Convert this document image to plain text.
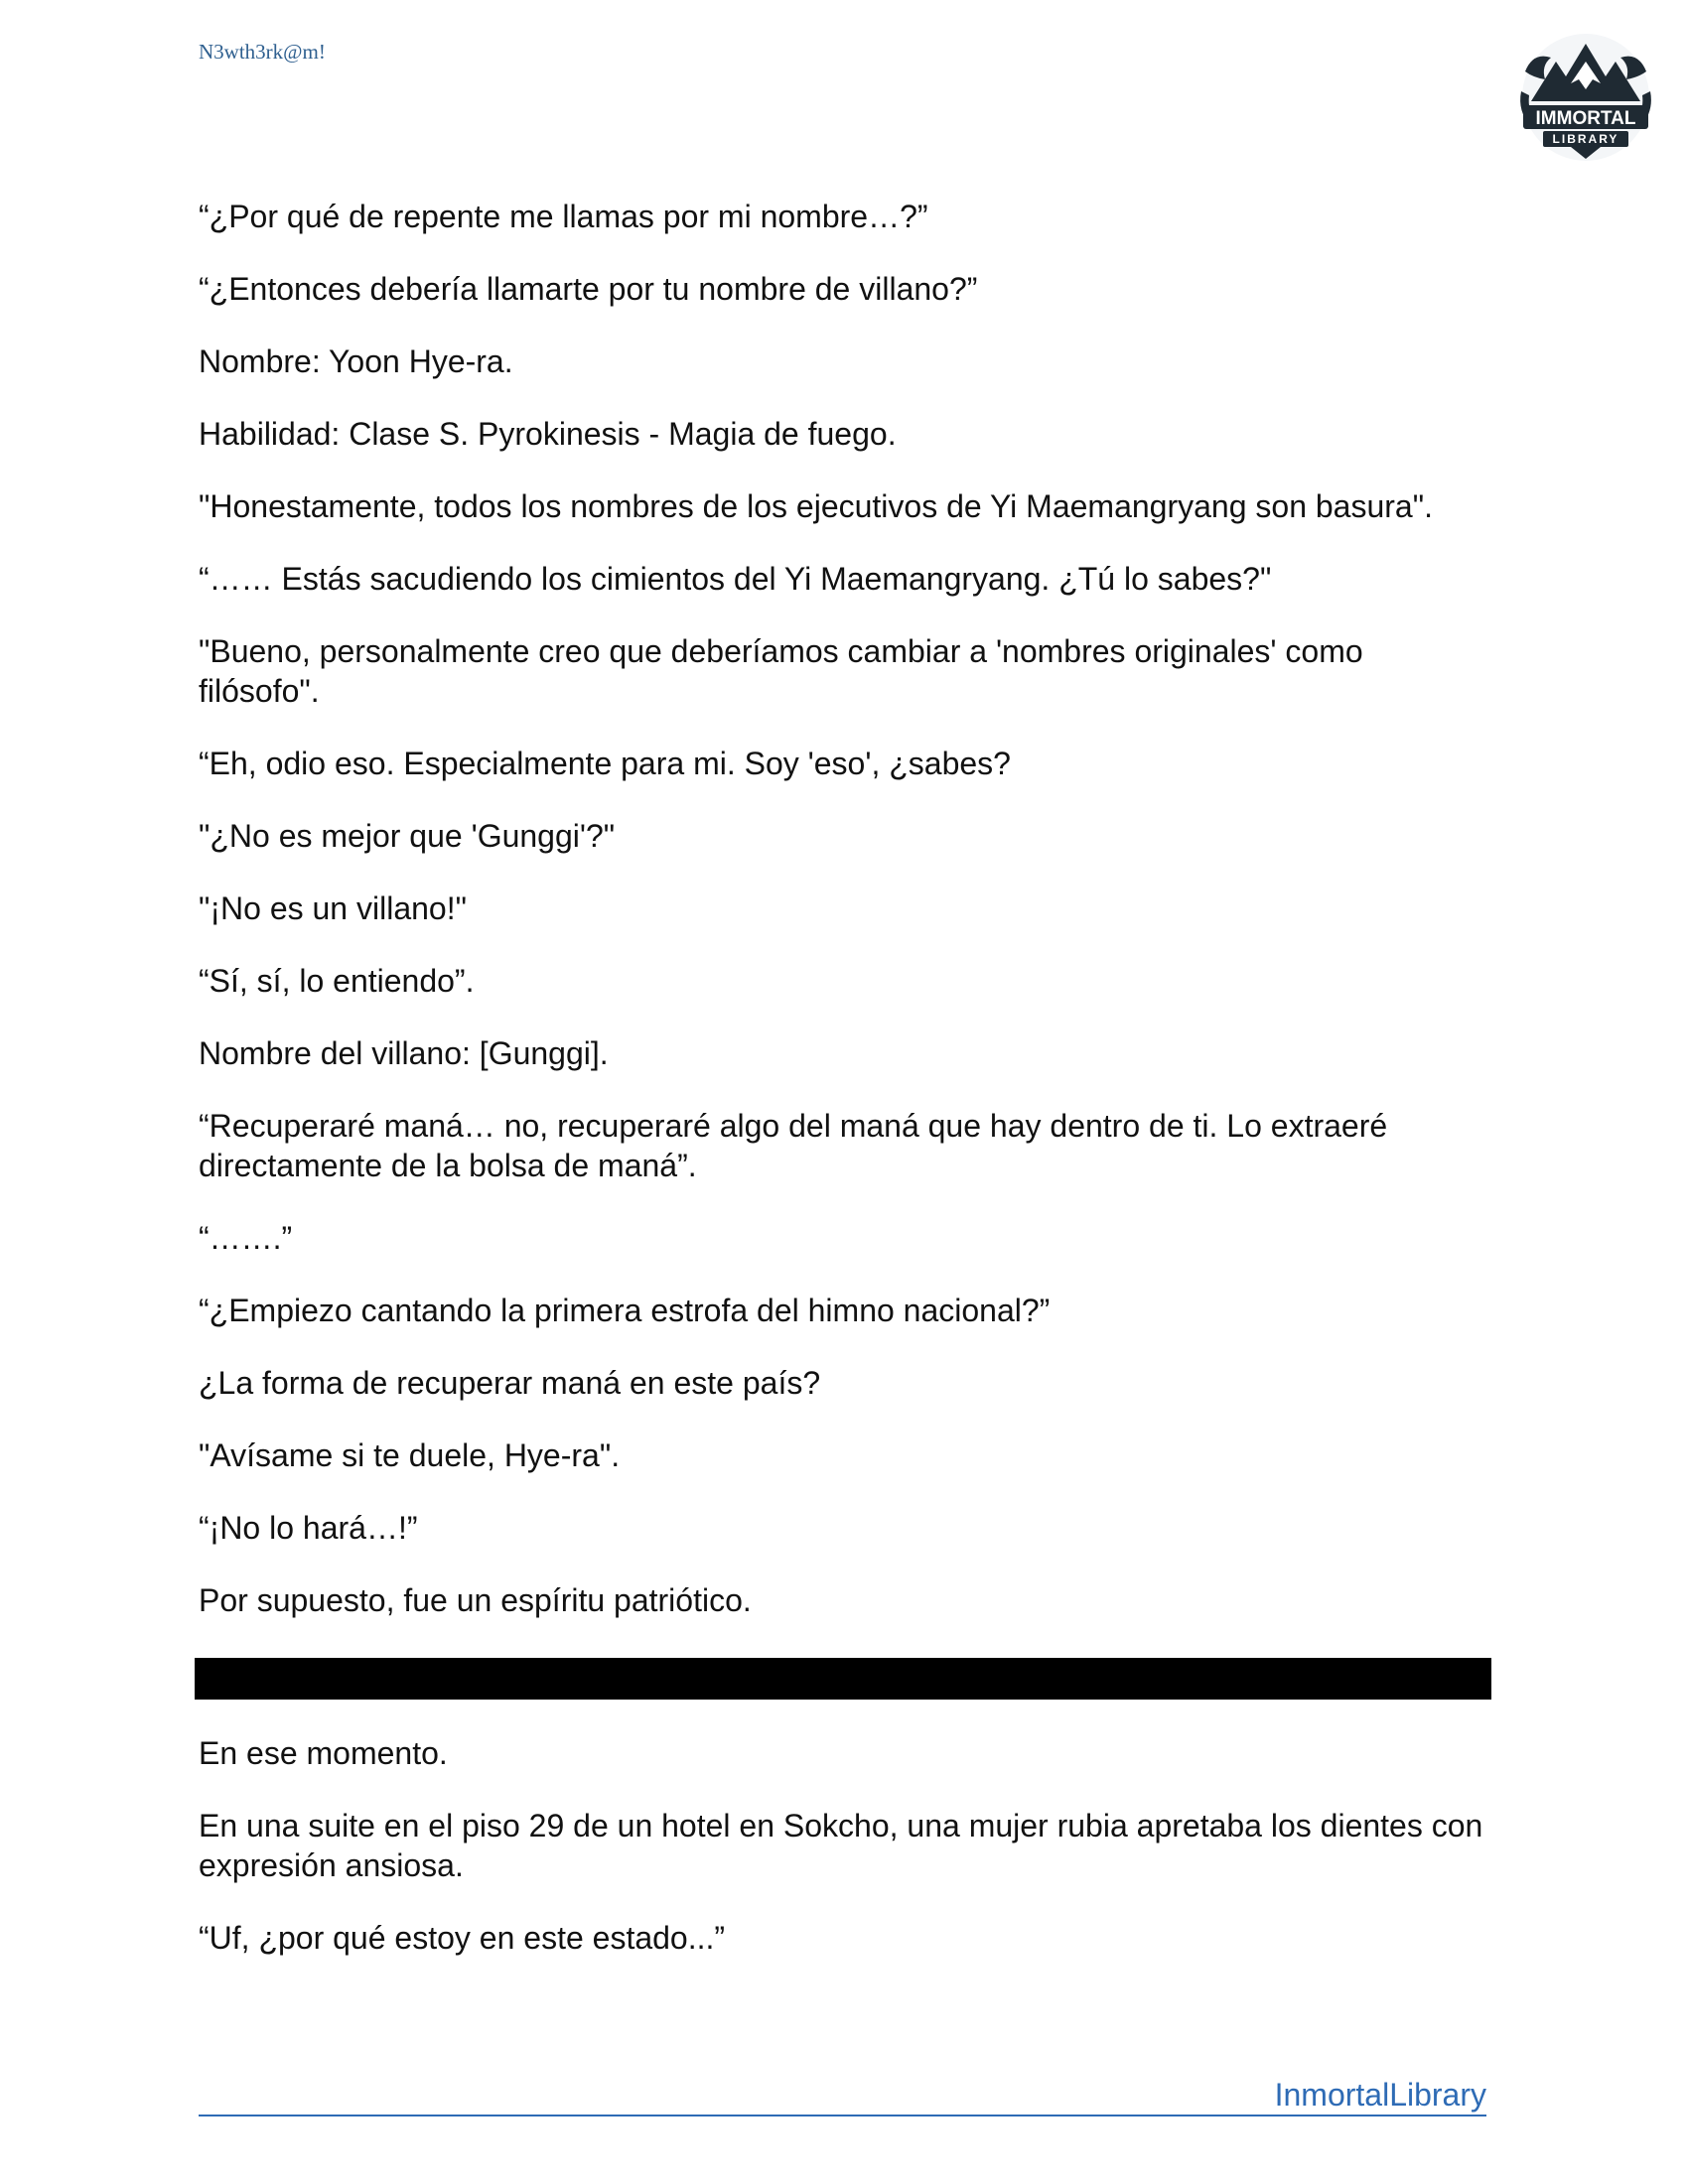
N3wth3rk@m!
IMMORTAL
LIBRARY

“¿Por qué de repente me llamas por mi nombre…?”

“¿Entonces debería llamarte por tu nombre de villano?”

Nombre: Yoon Hye-ra.

Habilidad: Clase S. Pyrokinesis - Magia de fuego.

"Honestamente, todos los nombres de los ejecutivos de Yi Maemangryang son basura".

“…… Estás sacudiendo los cimientos del Yi Maemangryang. ¿Tú lo sabes?"

"Bueno, personalmente creo que deberíamos cambiar a 'nombres originales' como filósofo".

“Eh, odio eso. Especialmente para mi. Soy 'eso', ¿sabes?

"¿No es mejor que 'Gunggi'?"

"¡No es un villano!"

“Sí, sí, lo entiendo”.

Nombre del villano: [Gunggi].

“Recuperaré maná… no, recuperaré algo del maná que hay dentro de ti. Lo extraeré directamente de la bolsa de maná”.

“…….”

“¿Empiezo cantando la primera estrofa del himno nacional?”

¿La forma de recuperar maná en este país?

"Avísame si te duele, Hye-ra".

“¡No lo hará…!”

Por supuesto, fue un espíritu patriótico.

En ese momento.

En una suite en el piso 29 de un hotel en Sokcho, una mujer rubia apretaba los dientes con expresión ansiosa.

“Uf, ¿por qué estoy en este estado...”

InmortalLibrary
